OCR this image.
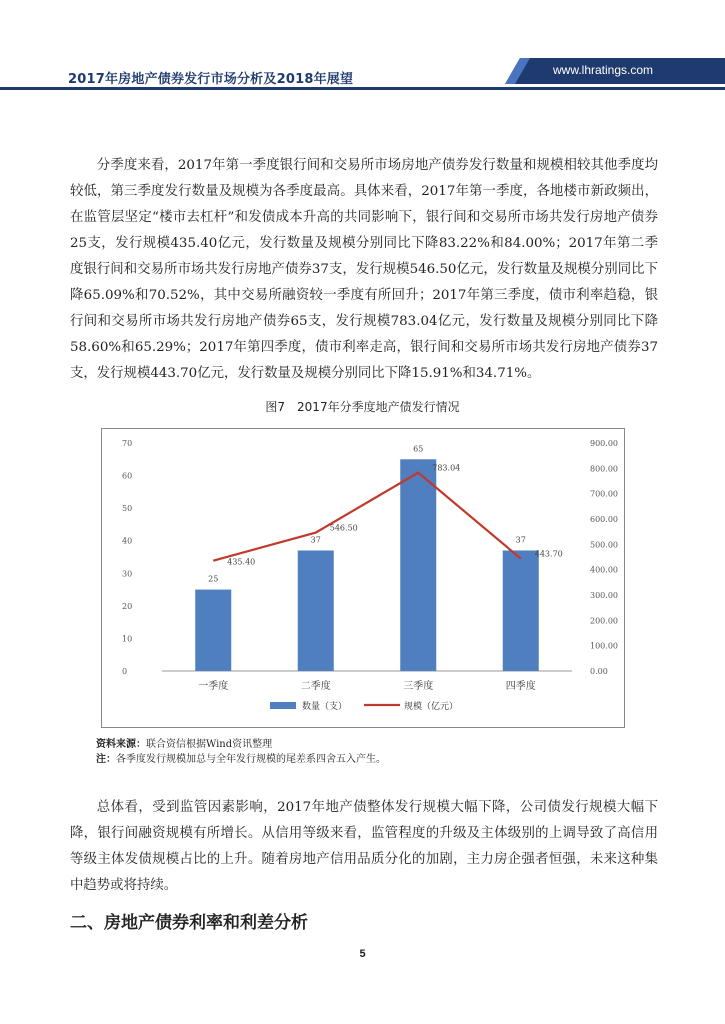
2017年房地产债券发行市场分析及2018年展望
www.lhratings.com

分季度来看，2017年第一季度银行间和交易所市场房地产债券发行数量和规模相较其他季度均较低，第三季度发行数量及规模为各季度最高。具体来看，2017年第一季度，各地楼市新政频出，在监管层坚定“楼市去杠杆”和发债成本升高的共同影响下，银行间和交易所市场共发行房地产债券25支，发行规模435.40亿元，发行数量及规模分别同比下降83.22%和84.00%；2017年第二季度银行间和交易所市场共发行房地产债券37支，发行规模546.50亿元，发行数量及规模分别同比下降65.09%和70.52%，其中交易所融资较一季度有所回升；2017年第三季度，债市利率趋稳，银行间和交易所市场共发行房地产债券65支，发行规模783.04亿元，发行数量及规模分别同比下降58.60%和65.29%；2017年第四季度，债市利率走高，银行间和交易所市场共发行房地产债券37支，发行规模443.70亿元，发行数量及规模分别同比下降15.91%和34.71%。

图7　2017年分季度地产债发行情况
0
10
20
30
40
50
60
70
0.00
100.00
200.00
300.00
400.00
500.00
600.00
700.00
800.00
900.00
25
37
65
37
435.40
546.50
783.04
443.70
一季度	二季度	三季度	四季度
数量（支）	规模（亿元）
资料来源：联合资信根据Wind资讯整理
注：各季度发行规模加总与全年发行规模的尾差系四舍五入产生。

总体看，受到监管因素影响，2017年地产债整体发行规模大幅下降，公司债发行规模大幅下降，银行间融资规模有所增长。从信用等级来看，监管程度的升级及主体级别的上调导致了高信用等级主体发债规模占比的上升。随着房地产信用品质分化的加剧，主力房企强者恒强，未来这种集中趋势或将持续。

二、房地产债券利率和利差分析
5
